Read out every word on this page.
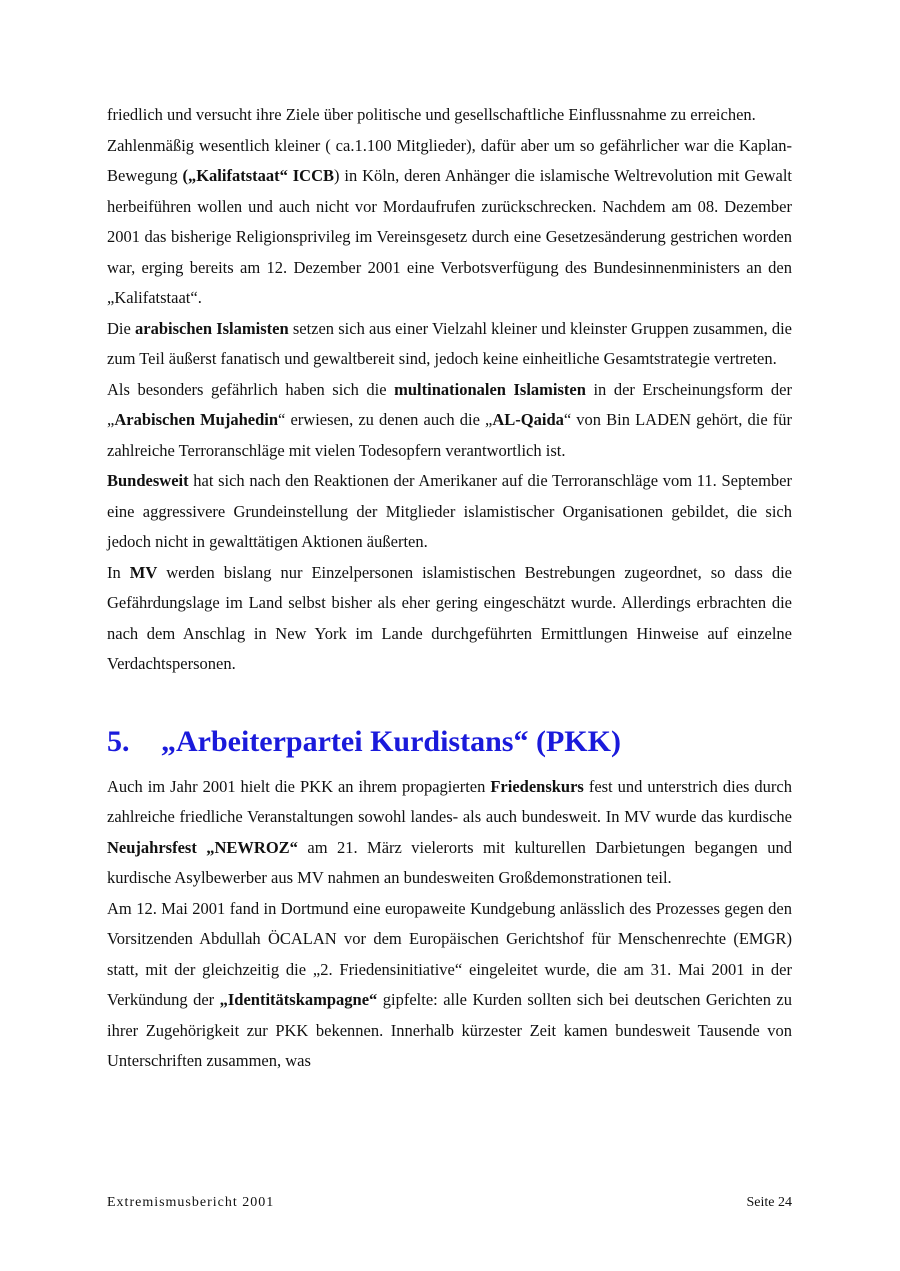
friedlich und versucht ihre Ziele über politische und gesellschaftliche Einflussnahme zu erreichen.

Zahlenmäßig wesentlich kleiner ( ca.1.100 Mitglieder), dafür aber um so gefährlicher war die Kaplan-Bewegung („Kalifatstaat“ ICCB) in Köln, deren Anhänger die islamische Weltrevolution mit Gewalt herbeiführen wollen und auch nicht vor Mordaufrufen zurückschrecken. Nachdem am 08. Dezember 2001 das bisherige Religionsprivileg im Vereinsgesetz durch eine Gesetzesänderung gestrichen worden war, erging bereits am 12. Dezember 2001 eine Verbotsverfügung des Bundesinnenministers an den „Kalifatstaat“.

Die arabischen Islamisten setzen sich aus einer Vielzahl kleiner und kleinster Gruppen zusammen, die zum Teil äußerst fanatisch und gewaltbereit sind, jedoch keine einheitliche Gesamtstrategie vertreten.

Als besonders gefährlich haben sich die multinationalen Islamisten in der Erscheinungsform der „Arabischen Mujahedin“ erwiesen, zu denen auch die „AL-Qaida“ von Bin LADEN gehört, die für zahlreiche Terroranschläge mit vielen Todesopfern verantwortlich ist.

Bundesweit hat sich nach den Reaktionen der Amerikaner auf die Terroranschläge vom 11. September eine aggressivere Grundeinstellung der Mitglieder islamistischer Organisationen gebildet, die sich jedoch nicht in gewalttätigen Aktionen äußerten.

In MV werden bislang nur Einzelpersonen islamistischen Bestrebungen zugeordnet, so dass die Gefährdungslage im Land selbst bisher als eher gering eingeschätzt wurde. Allerdings erbrachten die nach dem Anschlag in New York im Lande durchgeführten Ermittlungen Hinweise auf einzelne Verdachtspersonen.

5. „Arbeiterpartei Kurdistans“ (PKK)

Auch im Jahr 2001 hielt die PKK an ihrem propagierten Friedenskurs fest und unterstrich dies durch zahlreiche friedliche Veranstaltungen sowohl landes- als auch bundesweit. In MV wurde das kurdische Neujahrsfest „NEWROZ“ am 21. März vielerorts mit kulturellen Darbietungen begangen und kurdische Asylbewerber aus MV nahmen an bundesweiten Großdemonstrationen teil.

Am 12. Mai 2001 fand in Dortmund eine europaweite Kundgebung anlässlich des Prozesses gegen den Vorsitzenden Abdullah ÖCALAN vor dem Europäischen Gerichtshof für Menschenrechte (EMGR) statt, mit der gleichzeitig die „2. Friedensinitiative“ eingeleitet wurde, die am 31. Mai 2001 in der Verkündung der „Identitätskampagne“ gipfelte: alle Kurden sollten sich bei deutschen Gerichten zu ihrer Zugehörigkeit zur PKK bekennen. Innerhalb kürzester Zeit kamen bundesweit Tausende von Unterschriften zusammen, was

Extremismusbericht 2001	Seite 24
